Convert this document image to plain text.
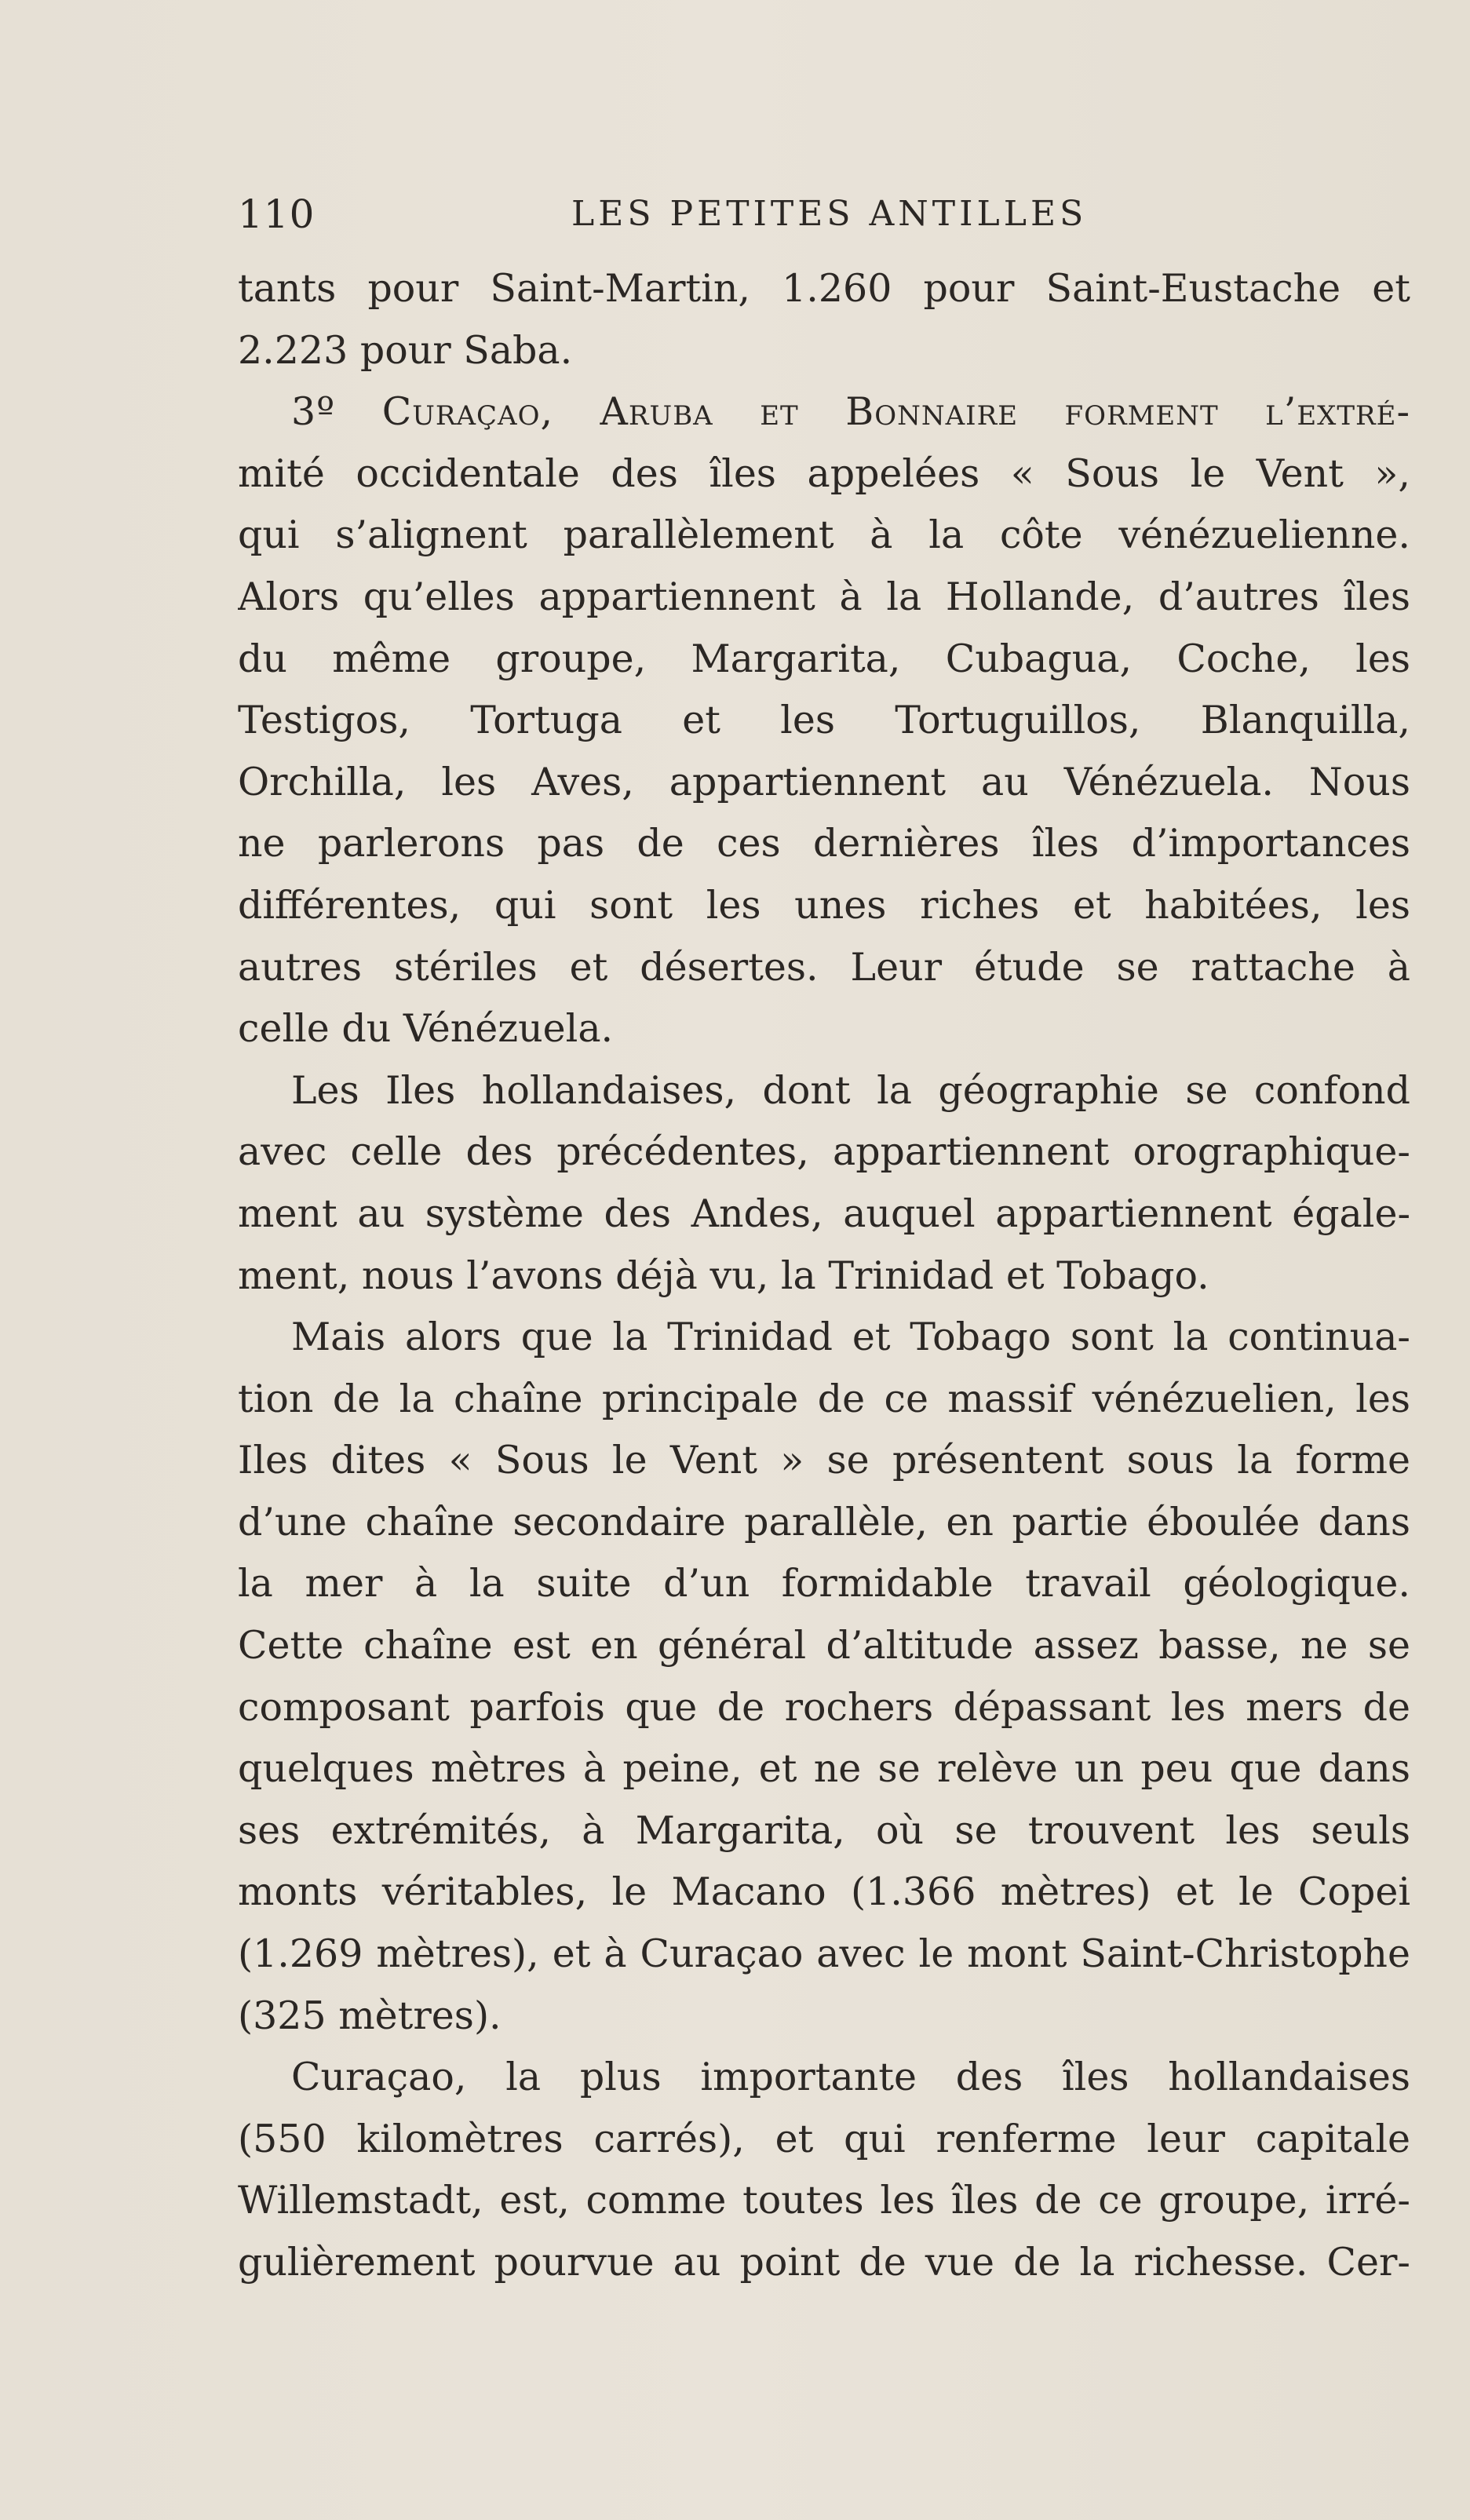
110	LES PETITES ANTILLES
tants pour Saint-Martin, 1.260 pour Saint-Eustache et
2.223 pour Saba.
3º Curaçao, Aruba et Bonnaire forment l’extré-
mité occidentale des îles appelées « Sous le Vent »,
qui s’alignent parallèlement à la côte vénézuelienne.
Alors qu’elles appartiennent à la Hollande, d’autres îles
du même groupe, Margarita, Cubagua, Coche, les
Testigos, Tortuga et les Tortuguillos, Blanquilla,
Orchilla, les Aves, appartiennent au Vénézuela. Nous
ne parlerons pas de ces dernières îles d’importances
différentes, qui sont les unes riches et habitées, les
autres stériles et désertes. Leur étude se rattache à
celle du Vénézuela.
Les Iles hollandaises, dont la géographie se confond
avec celle des précédentes, appartiennent orographique-
ment au système des Andes, auquel appartiennent égale-
ment, nous l’avons déjà vu, la Trinidad et Tobago.
Mais alors que la Trinidad et Tobago sont la continua-
tion de la chaîne principale de ce massif vénézuelien, les
Iles dites « Sous le Vent » se présentent sous la forme
d’une chaîne secondaire parallèle, en partie éboulée dans
la mer à la suite d’un formidable travail géologique.
Cette chaîne est en général d’altitude assez basse, ne se
composant parfois que de rochers dépassant les mers de
quelques mètres à peine, et ne se relève un peu que dans
ses extrémités, à Margarita, où se trouvent les seuls
monts véritables, le Macano (1.366 mètres) et le Copei
(1.269 mètres), et à Curaçao avec le mont Saint-Christophe
(325 mètres).
Curaçao, la plus importante des îles hollandaises
(550 kilomètres carrés), et qui renferme leur capitale
Willemstadt, est, comme toutes les îles de ce groupe, irré-
gulièrement pourvue au point de vue de la richesse. Cer-
